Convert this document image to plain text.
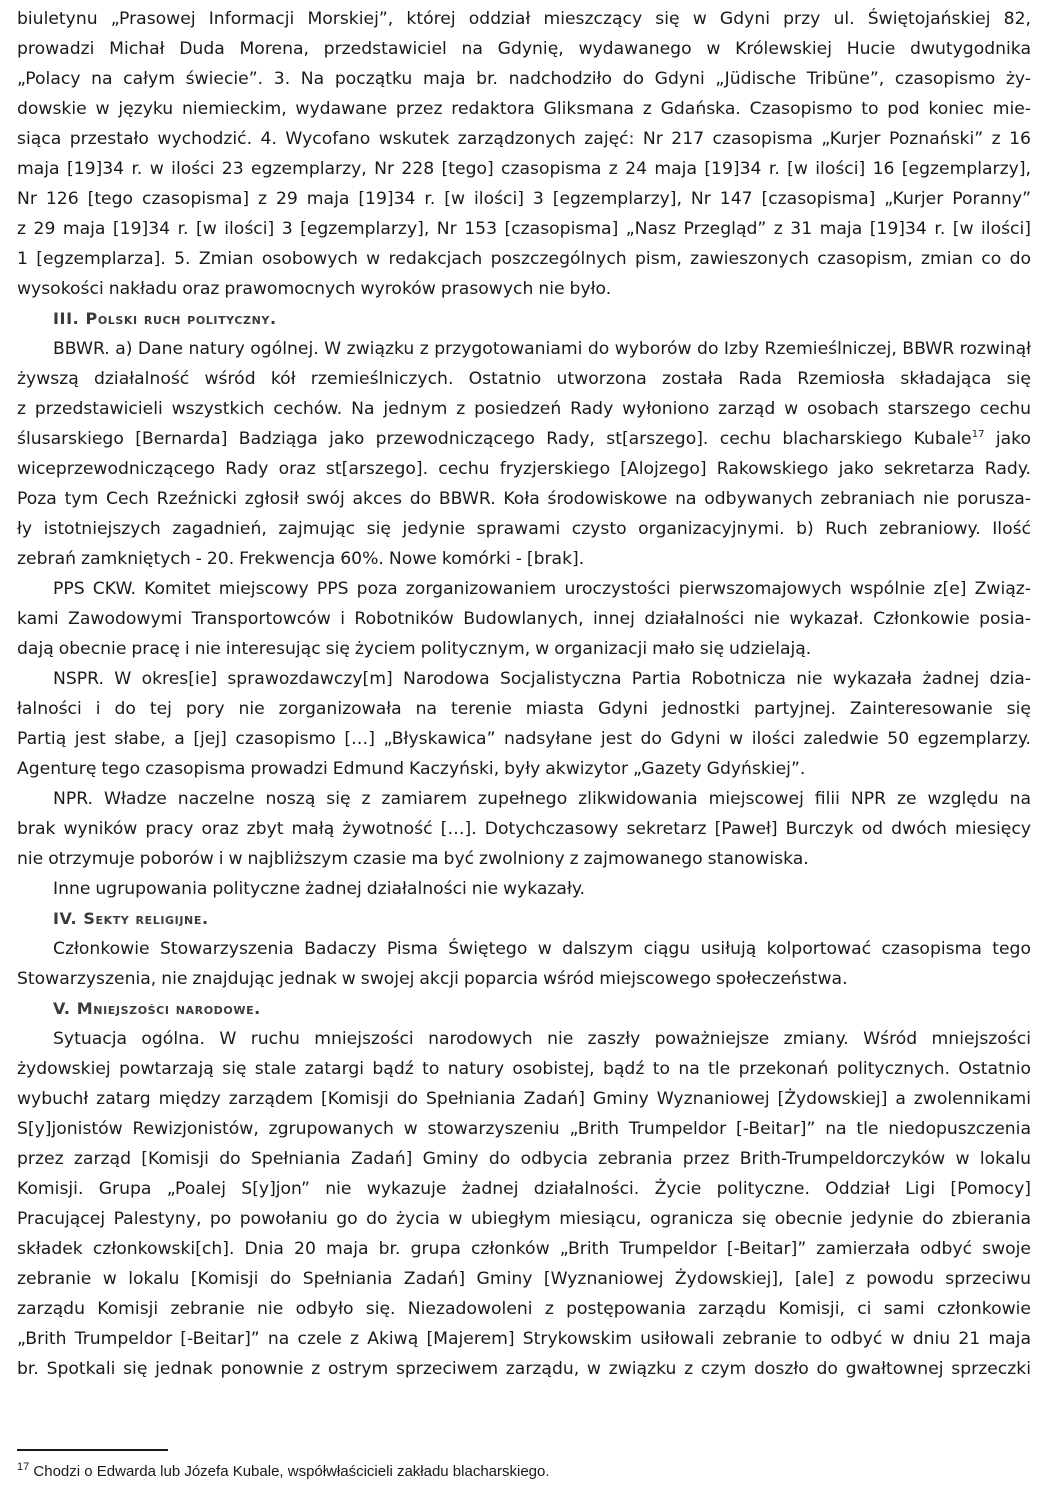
biuletynu „Prasowej Informacji Morskiej”, której oddział mieszczący się w Gdyni przy ul. Świętojańskiej 82,
prowadzi Michał Duda Morena, przedstawiciel na Gdynię, wydawanego w Królewskiej Hucie dwutygodnika
„Polacy na całym świecie”. 3. Na początku maja br. nadchodziło do Gdyni „Jüdische Tribüne”, czasopismo ży-
dowskie w języku niemieckim, wydawane przez redaktora Gliksmana z Gdańska. Czasopismo to pod koniec mie-
siąca przestało wychodzić. 4. Wycofano wskutek zarządzonych zajęć: Nr 217 czasopisma „Kurjer Poznański” z 16
maja [19]34 r. w ilości 23 egzemplarzy, Nr 228 [tego] czasopisma z 24 maja [19]34 r. [w ilości] 16 [egzemplarzy],
Nr 126 [tego czasopisma] z 29 maja [19]34 r. [w ilości] 3 [egzemplarzy], Nr 147 [czasopisma] „Kurjer Poranny”
z 29 maja [19]34 r. [w ilości] 3 [egzemplarzy], Nr 153 [czasopisma] „Nasz Przegląd” z 31 maja [19]34 r. [w ilości]
1 [egzemplarza]. 5. Zmian osobowych w redakcjach poszczególnych pism, zawieszonych czasopism, zmian co do
wysokości nakładu oraz prawomocnych wyroków prasowych nie było.
III. Polski ruch polityczny.
BBWR. a) Dane natury ogólnej. W związku z przygotowaniami do wyborów do Izby Rzemieślniczej, BBWR rozwinął
żywszą działalność wśród kół rzemieślniczych. Ostatnio utworzona została Rada Rzemiosła składająca się
z przedstawicieli wszystkich cechów. Na jednym z posiedzeń Rady wyłoniono zarząd w osobach starszego cechu
ślusarskiego [Bernarda] Badziąga jako przewodniczącego Rady, st[arszego]. cechu blacharskiego Kubale$^{17}$ jako
wiceprzewodniczącego Rady oraz st[arszego]. cechu fryzjerskiego [Alojzego] Rakowskiego jako sekretarza Rady.
Poza tym Cech Rzeźnicki zgłosił swój akces do BBWR. Koła środowiskowe na odbywanych zebraniach nie porusza-
ły istotniejszych zagadnień, zajmując się jedynie sprawami czysto organizacyjnymi. b) Ruch zebraniowy. Ilość
zebrań zamkniętych - 20. Frekwencja 60%. Nowe komórki - [brak].
PPS CKW. Komitet miejscowy PPS poza zorganizowaniem uroczystości pierwszomajowych wspólnie z[e] Związ-
kami Zawodowymi Transportowców i Robotników Budowlanych, innej działalności nie wykazał. Członkowie posia-
dają obecnie pracę i nie interesując się życiem politycznym, w organizacji mało się udzielają.
NSPR. W okres[ie] sprawozdawczy[m] Narodowa Socjalistyczna Partia Robotnicza nie wykazała żadnej dzia-
łalności i do tej pory nie zorganizowała na terenie miasta Gdyni jednostki partyjnej. Zainteresowanie się
Partią jest słabe, a [jej] czasopismo […] „Błyskawica” nadsyłane jest do Gdyni w ilości zaledwie 50 egzemplarzy.
Agenturę tego czasopisma prowadzi Edmund Kaczyński, były akwizytor „Gazety Gdyńskiej”.
NPR. Władze naczelne noszą się z zamiarem zupełnego zlikwidowania miejscowej filii NPR ze względu na
brak wyników pracy oraz zbyt małą żywotność […]. Dotychczasowy sekretarz [Paweł] Burczyk od dwóch miesięcy
nie otrzymuje poborów i w najbliższym czasie ma być zwolniony z zajmowanego stanowiska.
Inne ugrupowania polityczne żadnej działalności nie wykazały.
IV. Sekty religijne.
Członkowie Stowarzyszenia Badaczy Pisma Świętego w dalszym ciągu usiłują kolportować czasopisma tego
Stowarzyszenia, nie znajdując jednak w swojej akcji poparcia wśród miejscowego społeczeństwa.
V. Mniejszości narodowe.
Sytuacja ogólna. W ruchu mniejszości narodowych nie zaszły poważniejsze zmiany. Wśród mniejszości
żydowskiej powtarzają się stale zatargi bądź to natury osobistej, bądź to na tle przekonań politycznych. Ostatnio
wybuchł zatarg między zarządem [Komisji do Spełniania Zadań] Gminy Wyznaniowej [Żydowskiej] a zwolennikami
S[y]jonistów Rewizjonistów, zgrupowanych w stowarzyszeniu „Brith Trumpeldor [-Beitar]” na tle niedopuszczenia
przez zarząd [Komisji do Spełniania Zadań] Gminy do odbycia zebrania przez Brith-Trumpeldorczyków w lokalu
Komisji. Grupa „Poalej S[y]jon” nie wykazuje żadnej działalności. Życie polityczne. Oddział Ligi [Pomocy]
Pracującej Palestyny, po powołaniu go do życia w ubiegłym miesiącu, ogranicza się obecnie jedynie do zbierania
składek członkowski[ch]. Dnia 20 maja br. grupa członków „Brith Trumpeldor [-Beitar]” zamierzała odbyć swoje
zebranie w lokalu [Komisji do Spełniania Zadań] Gminy [Wyznaniowej Żydowskiej], [ale] z powodu sprzeciwu
zarządu Komisji zebranie nie odbyło się. Niezadowoleni z postępowania zarządu Komisji, ci sami członkowie
„Brith Trumpeldor [-Beitar]” na czele z Akiwą [Majerem] Strykowskim usiłowali zebranie to odbyć w dniu 21 maja
br. Spotkali się jednak ponownie z ostrym sprzeciwem zarządu, w związku z czym doszło do gwałtownej sprzeczki
$^{17}$ Chodzi o Edwarda lub Józefa Kubale, współwłaścicieli zakładu blacharskiego.
